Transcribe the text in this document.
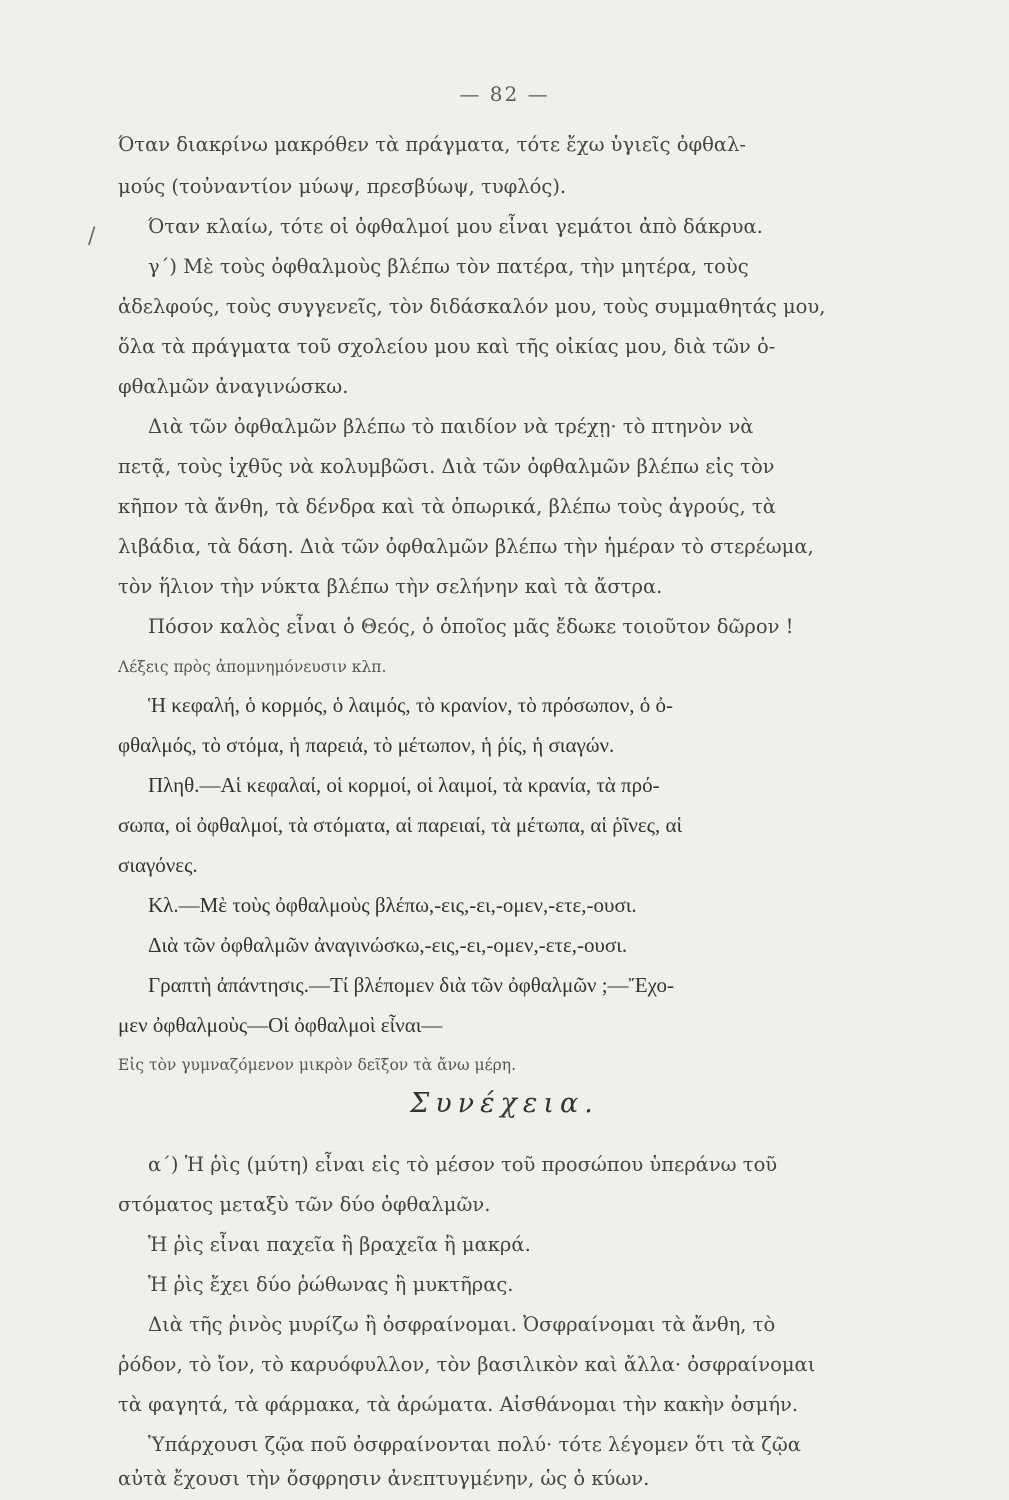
— 82 —
/
Όταν διακρίνω μακρόθεν τὰ πράγματα, τότε ἔχω ὑγιεῖς ὀφθαλ-
μούς (τοὐναντίον μύωψ, πρεσβύωψ, τυφλός).
Όταν κλαίω, τότε οἱ ὀφθαλμοί μου εἶναι γεμάτοι ἀπὸ δάκρυα.
γ΄) Μὲ τοὺς ὀφθαλμοὺς βλέπω τὸν πατέρα, τὴν μητέρα, τοὺς
ἀδελφούς, τοὺς συγγενεῖς, τὸν διδάσκαλόν μου, τοὺς συμμαθητάς μου,
ὅλα τὰ πράγματα τοῦ σχολείου μου καὶ τῆς οἰκίας μου, διὰ τῶν ὀ-
φθαλμῶν ἀναγινώσκω.
Διὰ τῶν ὀφθαλμῶν βλέπω τὸ παιδίον νὰ τρέχῃ· τὸ πτηνὸν νὰ
πετᾷ, τοὺς ἰχθῦς νὰ κολυμβῶσι. Διὰ τῶν ὀφθαλμῶν βλέπω εἰς τὸν
κῆπον τὰ ἄνθη, τὰ δένδρα καὶ τὰ ὀπωρικά, βλέπω τοὺς ἀγρούς, τὰ
λιβάδια, τὰ δάση. Διὰ τῶν ὀφθαλμῶν βλέπω τὴν ἡμέραν τὸ στερέωμα,
τὸν ἥλιον τὴν νύκτα βλέπω τὴν σελήνην καὶ τὰ ἄστρα.
Πόσον καλὸς εἶναι ὁ Θεός, ὁ ὁποῖος μᾶς ἔδωκε τοιοῦτον δῶρον !
Λέξεις πρὸς ἀπομνημόνευσιν κλπ.
Ἡ κεφαλή, ὁ κορμός, ὁ λαιμός, τὸ κρανίον, τὸ πρόσωπον, ὁ ὀ-
φθαλμός, τὸ στόμα, ἡ παρειά, τὸ μέτωπον, ἡ ῥίς, ἡ σιαγών.
Πληθ.—Αἱ κεφαλαί, οἱ κορμοί, οἱ λαιμοί, τὰ κρανία, τὰ πρό-
σωπα, οἱ ὀφθαλμοί, τὰ στόματα, αἱ παρειαί, τὰ μέτωπα, αἱ ῥῖνες, αἱ
σιαγόνες.
Κλ.—Μὲ τοὺς ὀφθαλμοὺς βλέπω,-εις,-ει,-ομεν,-ετε,-ουσι.
Διὰ τῶν ὀφθαλμῶν ἀναγινώσκω,-εις,-ει,-ομεν,-ετε,-ουσι.
Γραπτὴ ἀπάντησις.—Τί βλέπομεν διὰ τῶν ὀφθαλμῶν ;—Ἔχο-
μεν ὀφθαλμοὺς—Οἱ ὀφθαλμοὶ εἶναι—
Εἰς τὸν γυμναζόμενον μικρὸν δεῖξον τὰ ἄνω μέρη.
Συνέχεια.
α΄) Ἡ ῥὶς (μύτη) εἶναι εἰς τὸ μέσον τοῦ προσώπου ὑπεράνω τοῦ
στόματος μεταξὺ τῶν δύο ὀφθαλμῶν.
Ἡ ῥὶς εἶναι παχεῖα ἢ βραχεῖα ἢ μακρά.
Ἡ ῥὶς ἔχει δύο ῥώθωνας ἢ μυκτῆρας.
Διὰ τῆς ῥινὸς μυρίζω ἢ ὀσφραίνομαι. Ὀσφραίνομαι τὰ ἄνθη, τὸ
ῥόδον, τὸ ἴον, τὸ καρυόφυλλον, τὸν βασιλικὸν καὶ ἄλλα· ὀσφραίνομαι
τὰ φαγητά, τὰ φάρμακα, τὰ ἀρώματα. Αἰσθάνομαι τὴν κακὴν ὀσμήν.
Ὑπάρχουσι ζῷα ποῦ ὀσφραίνονται πολύ· τότε λέγομεν ὅτι τὰ ζῷα
αὐτὰ ἔχουσι τὴν ὄσφρησιν ἀνεπτυγμένην, ὡς ὁ κύων.
